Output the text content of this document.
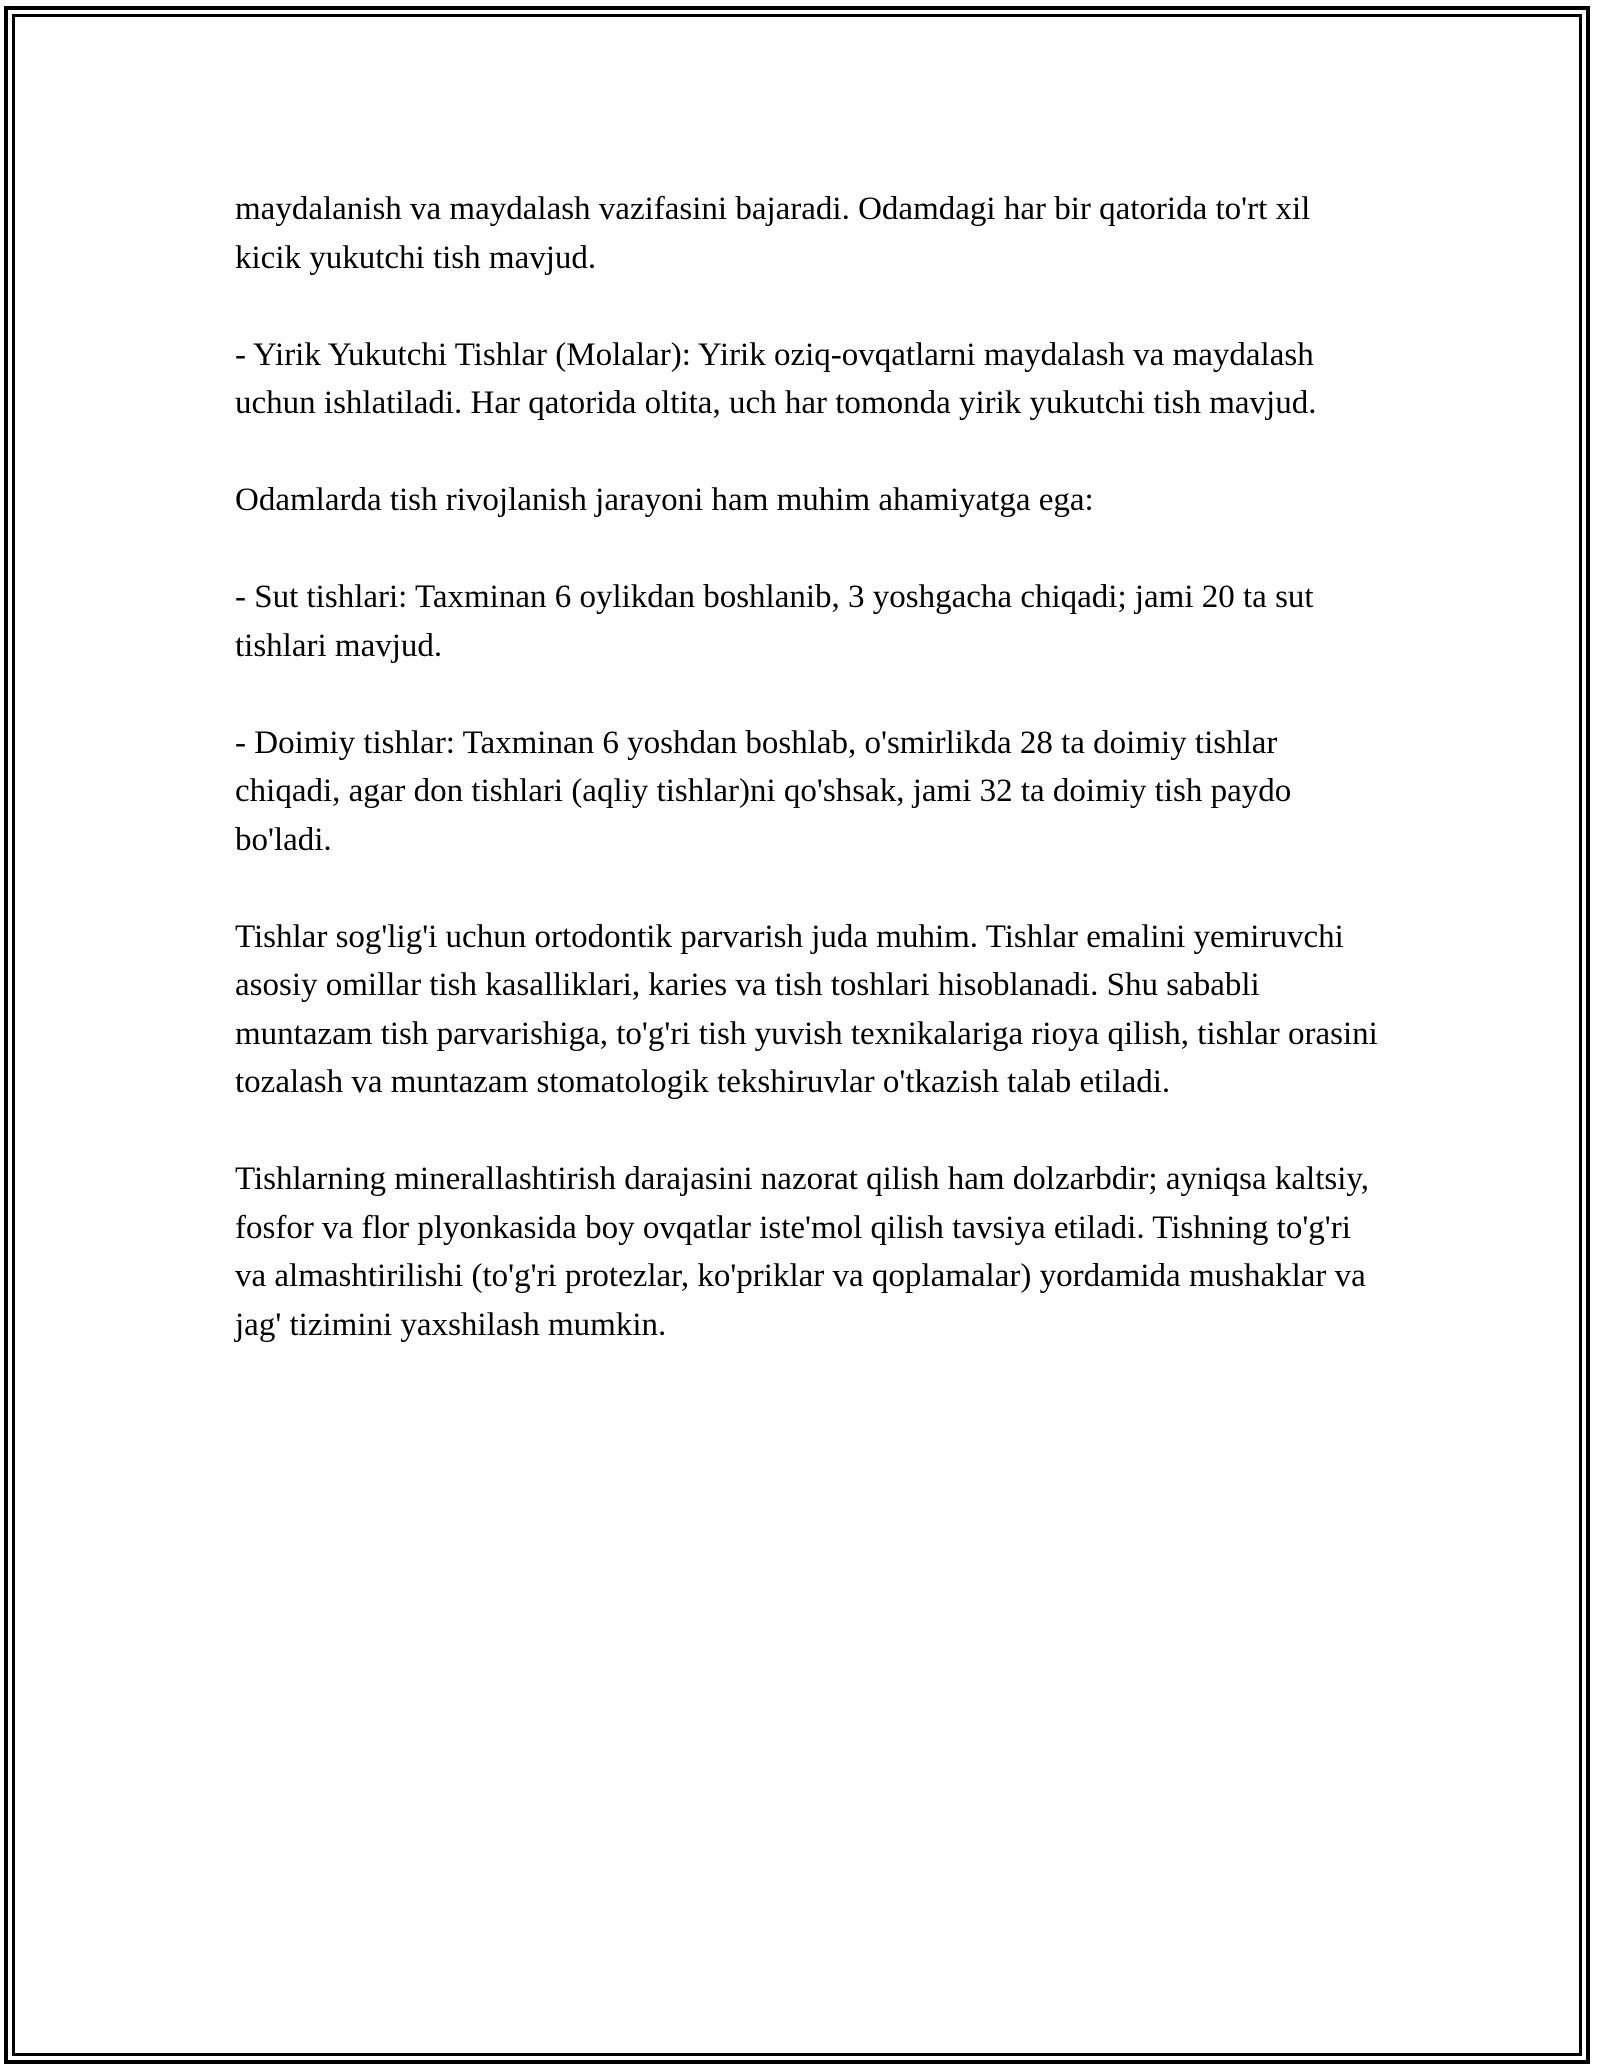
maydalanish va maydalash vazifasini bajaradi. Odamdagi har bir qatorida to'rt xil kicik yukutchi tish mavjud.

- Yirik Yukutchi Tishlar (Molalar): Yirik oziq-ovqatlarni maydalash va maydalash uchun ishlatiladi. Har qatorida oltita, uch har tomonda yirik yukutchi tish mavjud.

Odamlarda tish rivojlanish jarayoni ham muhim ahamiyatga ega:

- Sut tishlari: Taxminan 6 oylikdan boshlanib, 3 yoshgacha chiqadi; jami 20 ta sut tishlari mavjud.

- Doimiy tishlar: Taxminan 6 yoshdan boshlab, o'smirlikda 28 ta doimiy tishlar chiqadi, agar don tishlari (aqliy tishlar)ni qo'shsak, jami 32 ta doimiy tish paydo bo'ladi.

Tishlar sog'lig'i uchun ortodontik parvarish juda muhim. Tishlar emalini yemiruvchi asosiy omillar tish kasalliklari, karies va tish toshlari hisoblanadi. Shu sababli muntazam tish parvarishiga, to'g'ri tish yuvish texnikalariga rioya qilish, tishlar orasini tozalash va muntazam stomatologik tekshiruvlar o'tkazish talab etiladi.

Tishlarning minerallashtirish darajasini nazorat qilish ham dolzarbdir; ayniqsa kaltsiy, fosfor va flor plyonkasida boy ovqatlar iste'mol qilish tavsiya etiladi. Tishning to'g'ri va almashtirilishi (to'g'ri protezlar, ko'priklar va qoplamalar) yordamida mushaklar va jag' tizimini yaxshilash mumkin.
